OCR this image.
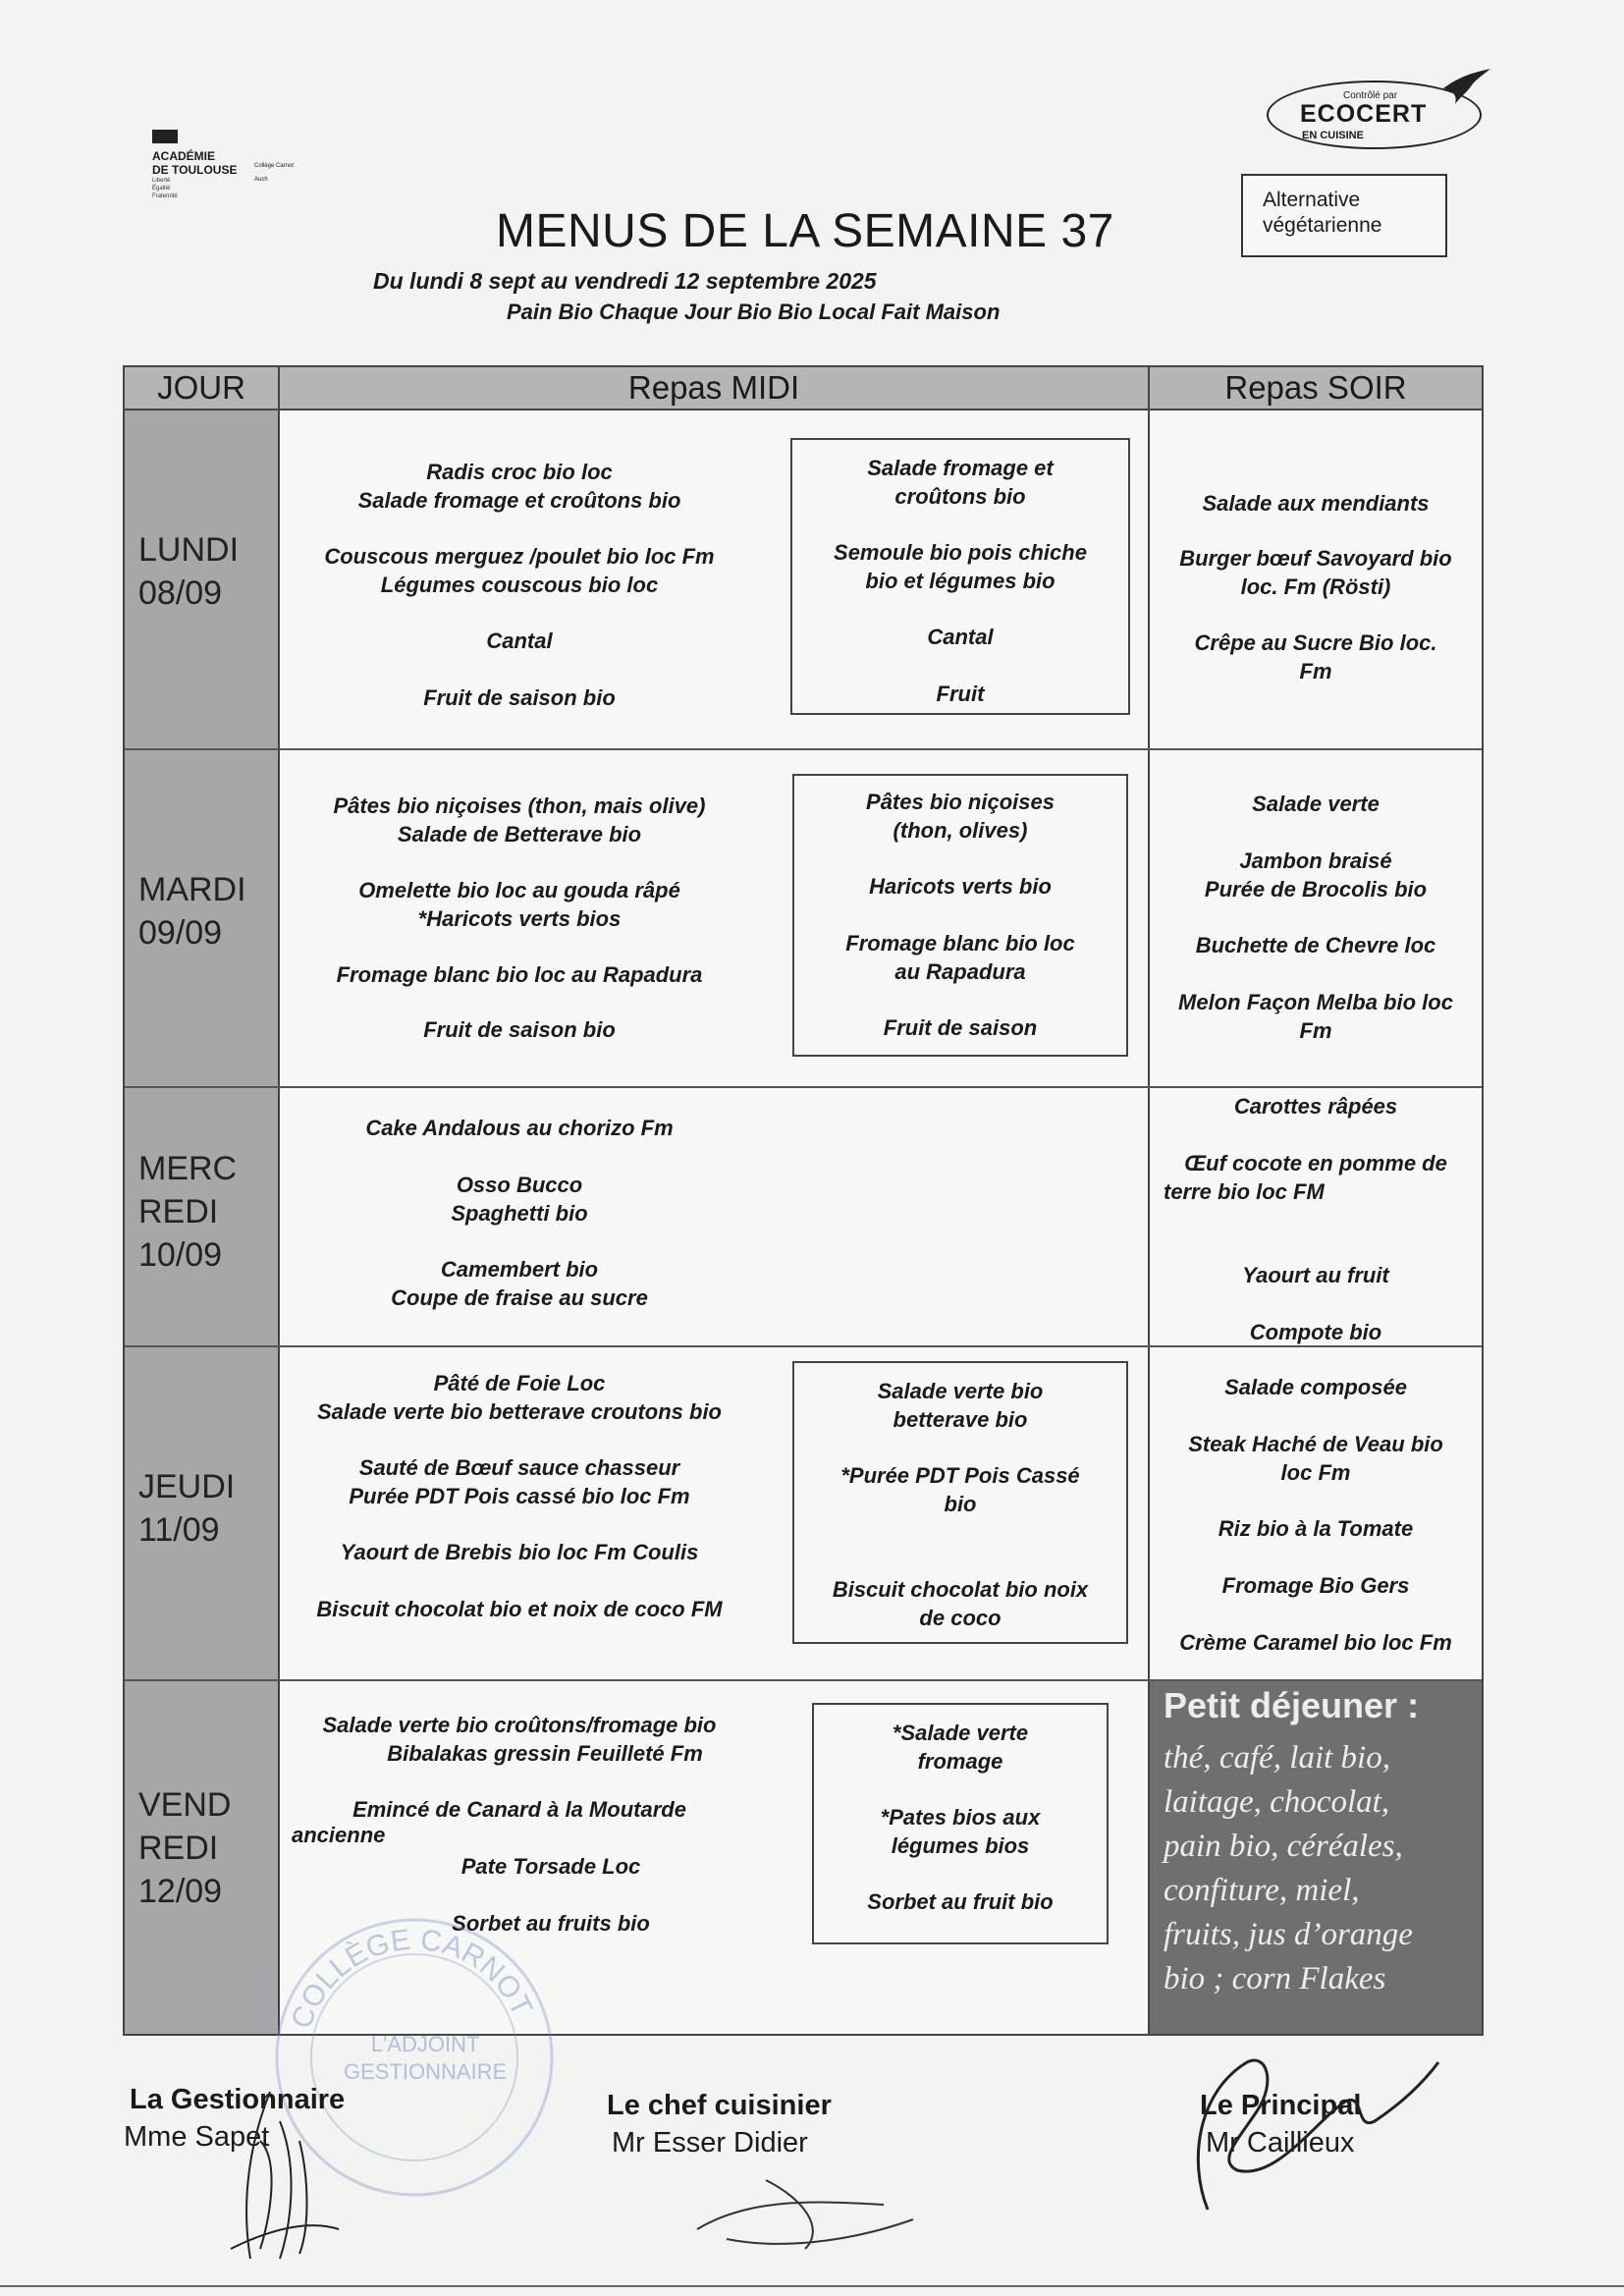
ACADÉMIE
DE TOULOUSE
Liberté
Égalité
Fraternité
Collège Carnot
Auch
Contrôlé par
ECOCERT
EN CUISINE
Alternative
végétarienne
MENUS DE LA SEMAINE 37
Du lundi 8 sept au vendredi 12 septembre 2025
Pain Bio Chaque Jour Bio Bio Local Fait Maison
JOUR	Repas MIDI	Repas SOIR
LUNDI
08/09
Radis croc bio loc
Salade fromage et croûtons bio
Couscous merguez /poulet bio loc Fm
Légumes couscous bio loc
Cantal
Fruit de saison bio
Salade fromage et
croûtons bio
Semoule bio pois chiche
bio et légumes bio
Cantal
Fruit
Salade aux mendiants
Burger bœuf Savoyard bio
loc. Fm (Rösti)
Crêpe au Sucre Bio loc.
Fm
MARDI
09/09
Pâtes bio niçoises (thon, mais olive)
Salade de Betterave bio
Omelette bio loc au gouda râpé
*Haricots verts bios
Fromage blanc bio loc au Rapadura
Fruit de saison bio
Pâtes bio niçoises
(thon, olives)
Haricots verts bio
Fromage blanc bio loc
au Rapadura
Fruit de saison
Salade verte
Jambon braisé
Purée de Brocolis bio
Buchette de Chevre loc
Melon Façon Melba bio loc
Fm
MERC
REDI
10/09
Cake Andalous au chorizo Fm
Osso Bucco
Spaghetti bio
Camembert bio
Coupe de fraise au sucre
Carottes râpées
Œuf cocote en pomme de
terre bio loc FM
Yaourt au fruit
Compote bio
JEUDI
11/09
Pâté de Foie Loc
Salade verte bio betterave croutons bio
Sauté de Bœuf sauce chasseur
Purée PDT Pois cassé bio loc Fm
Yaourt de Brebis bio loc Fm Coulis
Biscuit chocolat bio et noix de coco FM
Salade verte bio
betterave bio
*Purée PDT Pois Cassé
bio
Biscuit chocolat bio noix
de coco
Salade composée
Steak Haché de Veau bio
loc Fm
Riz bio à la Tomate
Fromage Bio Gers
Crème Caramel bio loc Fm
VEND
REDI
12/09
Salade verte bio croûtons/fromage bio
Bibalakas gressin Feuilleté Fm
Emincé de Canard à la Moutarde
ancienne
Pate Torsade Loc
Sorbet au fruits bio
*Salade verte
fromage
*Pates bios aux
légumes bios
Sorbet au fruit bio
Petit déjeuner :
thé, café, lait bio,
laitage, chocolat,
pain bio, céréales,
confiture, miel,
fruits, jus d’orange
bio ; corn Flakes
COLLÈGE CARNOT
L'ADJOINT
GESTIONNAIRE
La Gestionnaire
Mme Sapet
Le chef cuisinier
Mr Esser Didier
Le Principal
Mr Caillieux
